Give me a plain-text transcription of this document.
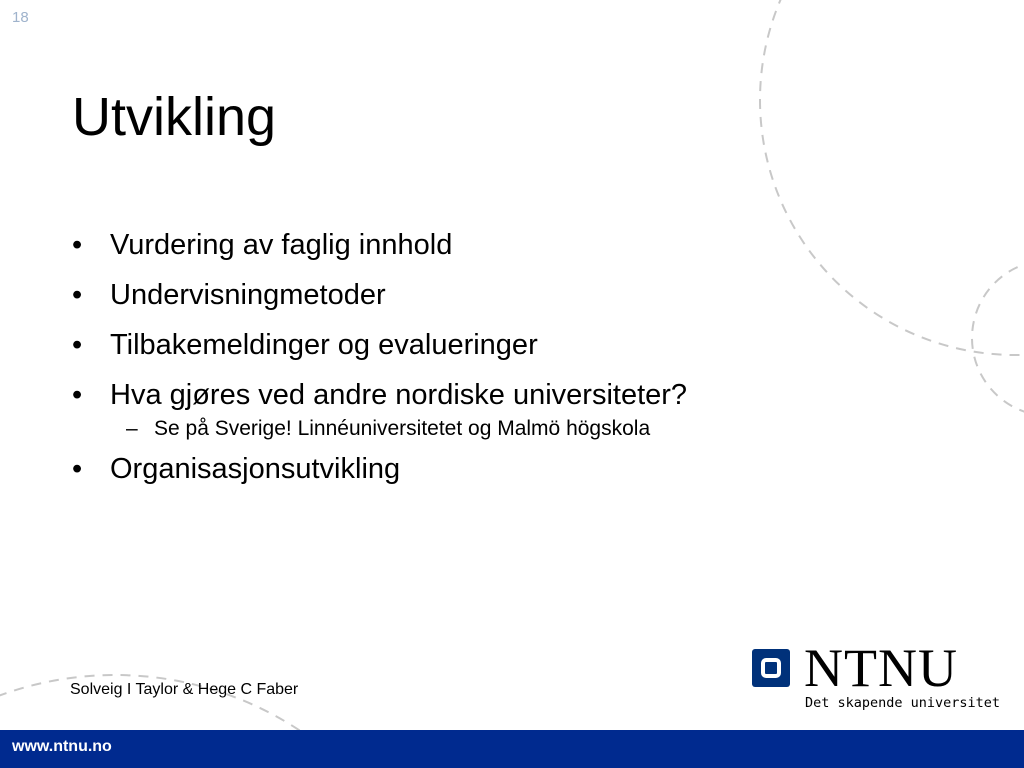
18
Utvikling
• Vurdering av faglig innhold
• Undervisningmetoder
• Tilbakemeldinger og evalueringer
• Hva gjøres ved andre nordiske universiteter?
– Se på Sverige! Linnéuniversitetet og Malmö högskola
• Organisasjonsutvikling
Solveig I Taylor & Hege C Faber	NTNU
Det skapende universitet
www.ntnu.no
